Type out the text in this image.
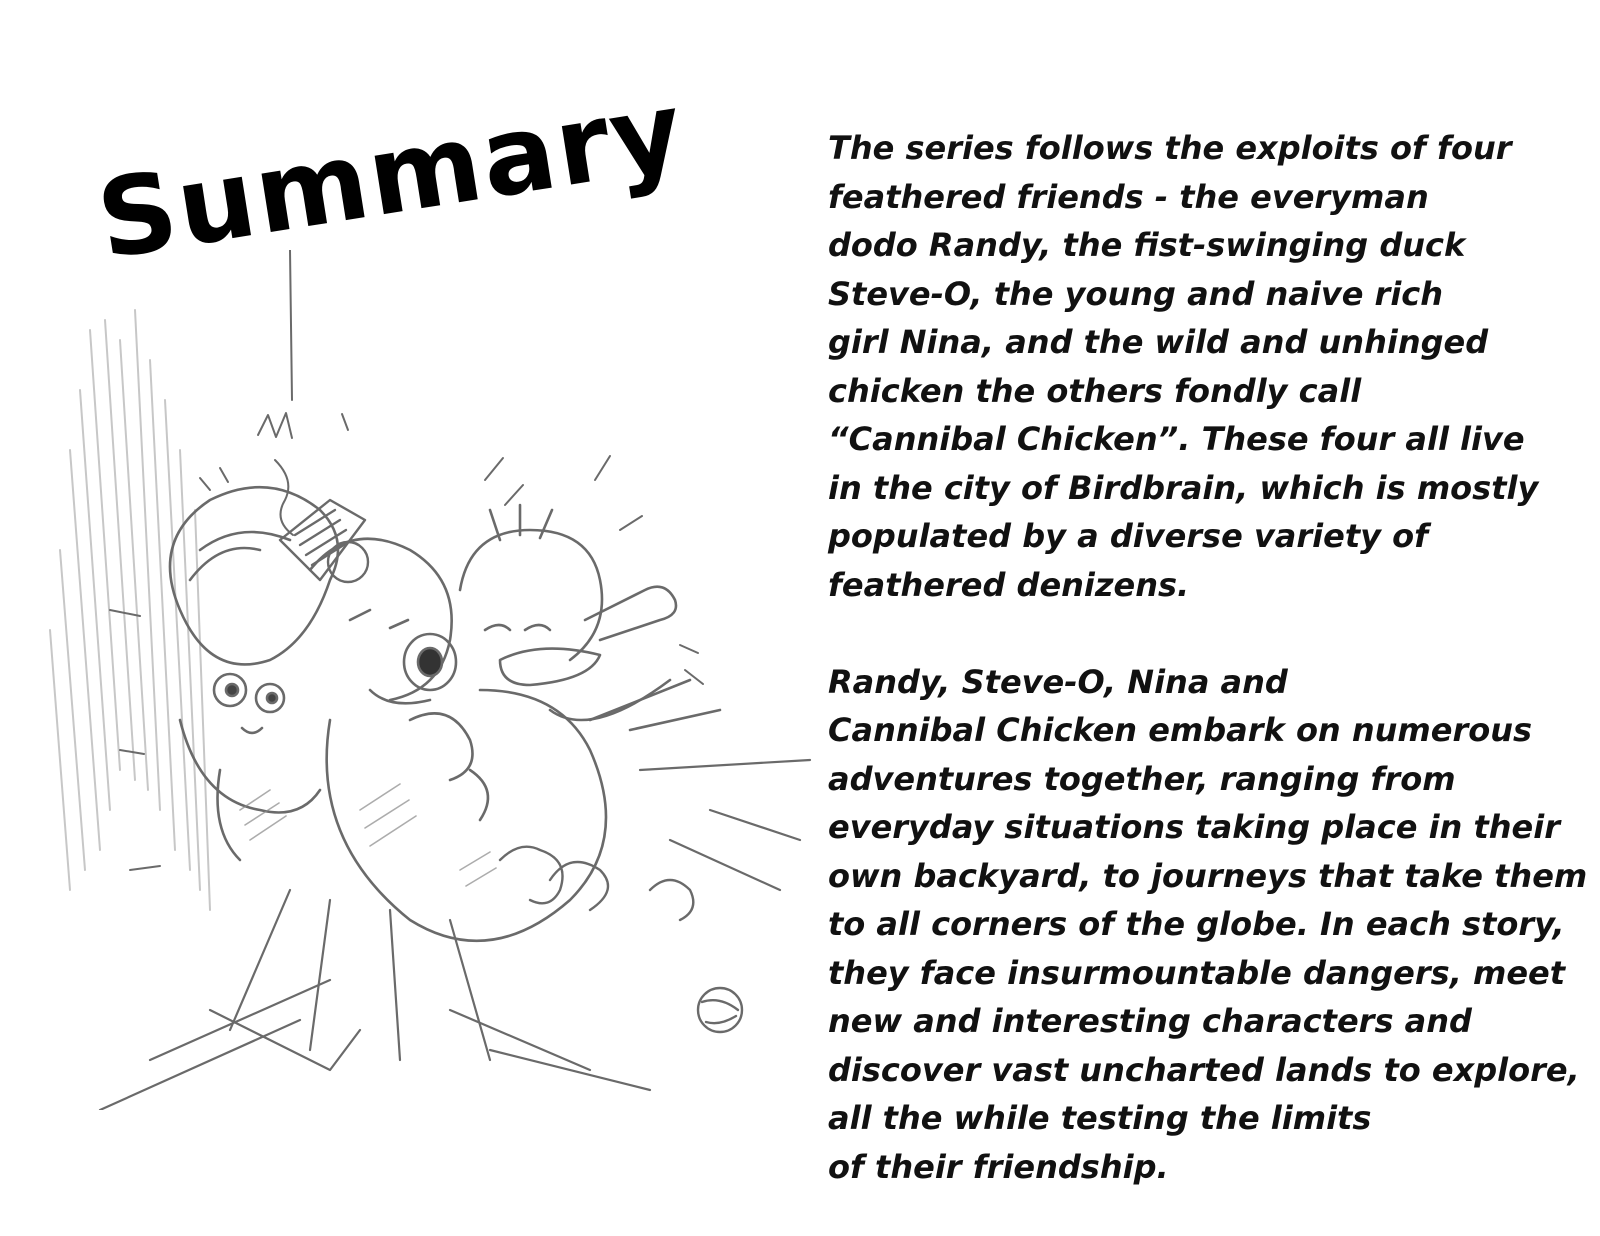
Summary	The series follows the exploits of four
feathered friends - the everyman
dodo Randy, the fist-swinging duck
Steve-O, the young and naive rich
girl Nina, and the wild and unhinged
chicken the others fondly call
“Cannibal Chicken”. These four all live
in the city of Birdbrain, which is mostly
populated by a diverse variety of
feathered denizens.

Randy, Steve-O, Nina and
Cannibal Chicken embark on numerous
adventures together, ranging from
everyday situations taking place in their
own backyard, to journeys that take them
to all corners of the globe. In each story,
they face insurmountable dangers, meet
new and interesting characters and
discover vast uncharted lands to explore,
all the while testing the limits
of their friendship.
